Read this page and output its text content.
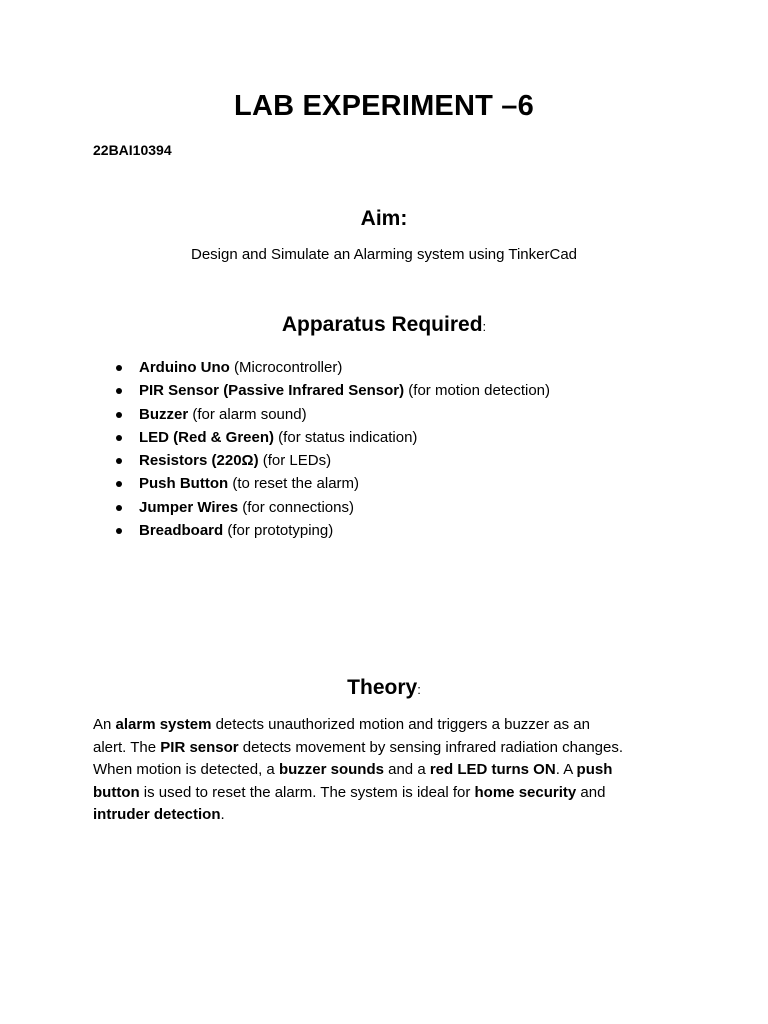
LAB EXPERIMENT –6
22BAI10394
Aim:
Design and Simulate an Alarming system using TinkerCad
Apparatus Required:
Arduino Uno (Microcontroller)
PIR Sensor (Passive Infrared Sensor) (for motion detection)
Buzzer (for alarm sound)
LED (Red & Green) (for status indication)
Resistors (220Ω) (for LEDs)
Push Button (to reset the alarm)
Jumper Wires (for connections)
Breadboard (for prototyping)
Theory:

An alarm system detects unauthorized motion and triggers a buzzer as an

alert. The PIR sensor detects movement by sensing infrared radiation changes.

When motion is detected, a buzzer sounds and a red LED turns ON. A push

button is used to reset the alarm. The system is ideal for home security and

intruder detection.
